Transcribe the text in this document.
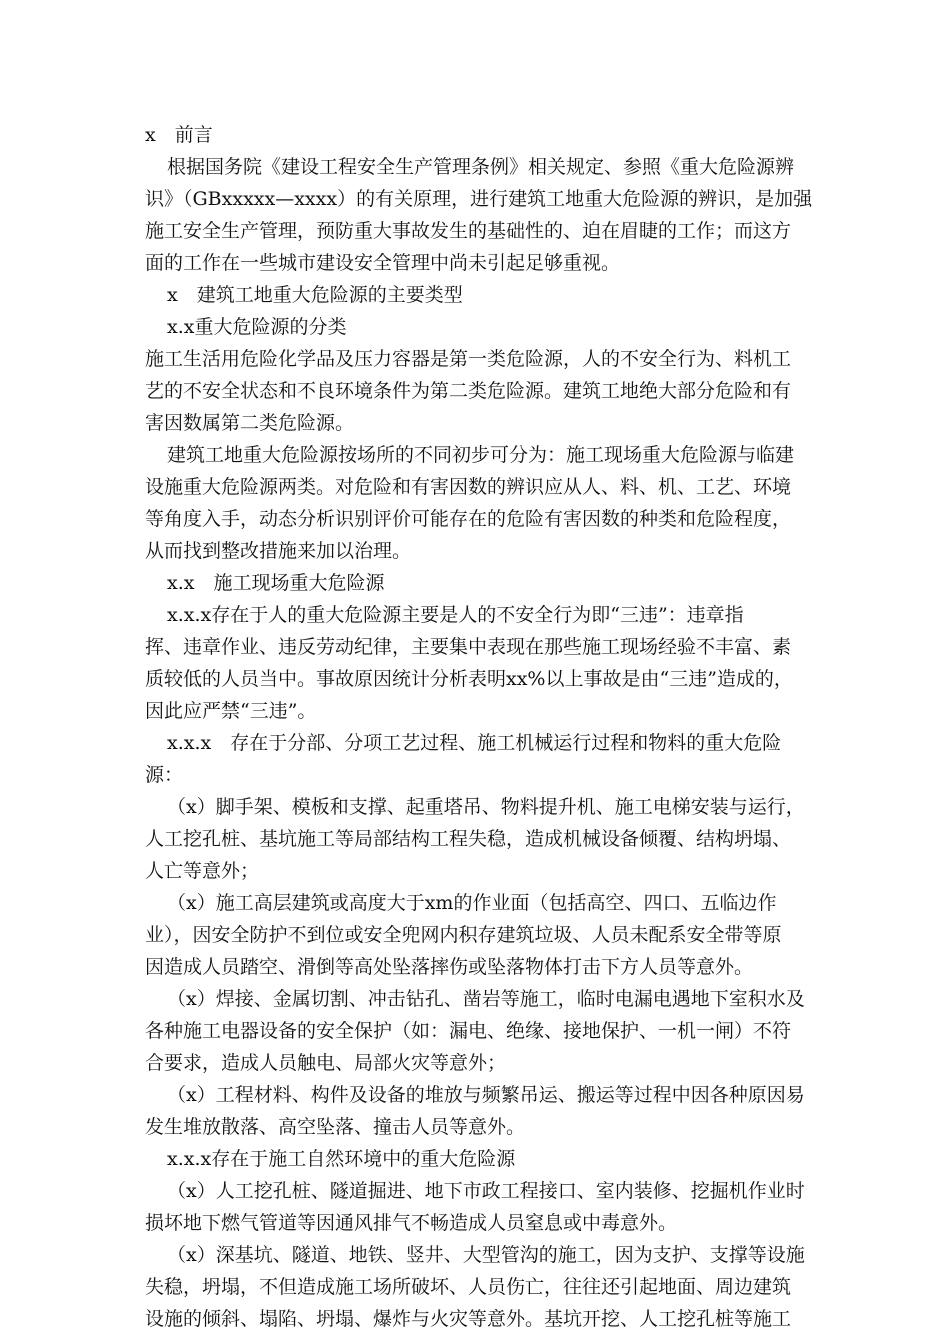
x　前言
根据国务院《建设工程安全生产管理条例》相关规定、参照《重大危险源辨
识》（GBxxxxx—xxxx）的有关原理，进行建筑工地重大危险源的辨识，是加强
施工安全生产管理，预防重大事故发生的基础性的、迫在眉睫的工作；而这方
面的工作在一些城市建设安全管理中尚未引起足够重视。
x　建筑工地重大危险源的主要类型
x.x重大危险源的分类
施工生活用危险化学品及压力容器是第一类危险源，人的不安全行为、料机工
艺的不安全状态和不良环境条件为第二类危险源。建筑工地绝大部分危险和有
害因数属第二类危险源。
建筑工地重大危险源按场所的不同初步可分为：施工现场重大危险源与临建
设施重大危险源两类。对危险和有害因数的辨识应从人、料、机、工艺、环境
等角度入手，动态分析识别评价可能存在的危险有害因数的种类和危险程度，
从而找到整改措施来加以治理。
x.x　施工现场重大危险源
x.x.x存在于人的重大危险源主要是人的不安全行为即“三违”：违章指
挥、违章作业、违反劳动纪律，主要集中表现在那些施工现场经验不丰富、素
质较低的人员当中。事故原因统计分析表明xx%以上事故是由“三违”造成的，
因此应严禁“三违”。
x.x.x　存在于分部、分项工艺过程、施工机械运行过程和物料的重大危险
源：
（x）脚手架、模板和支撑、起重塔吊、物料提升机、施工电梯安装与运行，
人工挖孔桩、基坑施工等局部结构工程失稳，造成机械设备倾覆、结构坍塌、
人亡等意外；
（x）施工高层建筑或高度大于xm的作业面（包括高空、四口、五临边作
业），因安全防护不到位或安全兜网内积存建筑垃圾、人员未配系安全带等原
因造成人员踏空、滑倒等高处坠落摔伤或坠落物体打击下方人员等意外。
（x）焊接、金属切割、冲击钻孔、凿岩等施工，临时电漏电遇地下室积水及
各种施工电器设备的安全保护（如：漏电、绝缘、接地保护、一机一闸）不符
合要求，造成人员触电、局部火灾等意外；
（x）工程材料、构件及设备的堆放与频繁吊运、搬运等过程中因各种原因易
发生堆放散落、高空坠落、撞击人员等意外。
x.x.x存在于施工自然环境中的重大危险源
（x）人工挖孔桩、隧道掘进、地下市政工程接口、室内装修、挖掘机作业时
损坏地下燃气管道等因通风排气不畅造成人员窒息或中毒意外。
（x）深基坑、隧道、地铁、竖井、大型管沟的施工，因为支护、支撑等设施
失稳，坍塌，不但造成施工场所破坏、人员伤亡，往往还引起地面、周边建筑
设施的倾斜、塌陷、坍塌、爆炸与火灾等意外。基坑开挖、人工挖孔桩等施工
